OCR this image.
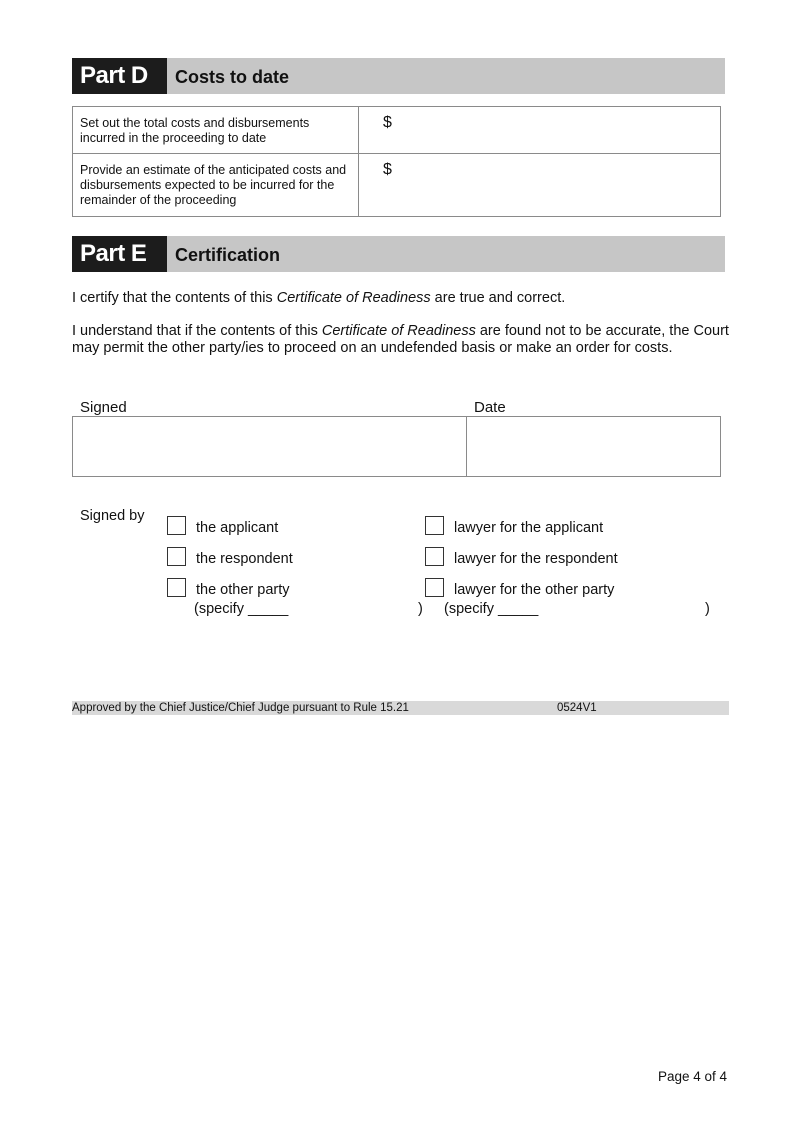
Part D	Costs to date
Set out the total costs and disbursements incurred in the proceeding to date	$
Provide an estimate of the anticipated costs and disbursements expected to be incurred for the remainder of the proceeding	$
Part E	Certification
I certify that the contents of this Certificate of Readiness are true and correct.
I understand that if the contents of this Certificate of Readiness are found not to be accurate, the Court may permit the other party/ies to proceed on an undefended basis or make an order for costs.
Signed	Date
Signed by
the applicant
the respondent
the other party
lawyer for the applicant
lawyer for the respondent
lawyer for the other party
(specify _____	) (specify _____	)
Approved by the Chief Justice/Chief Judge pursuant to Rule 15.21	0524V1
Page 4 of 4
